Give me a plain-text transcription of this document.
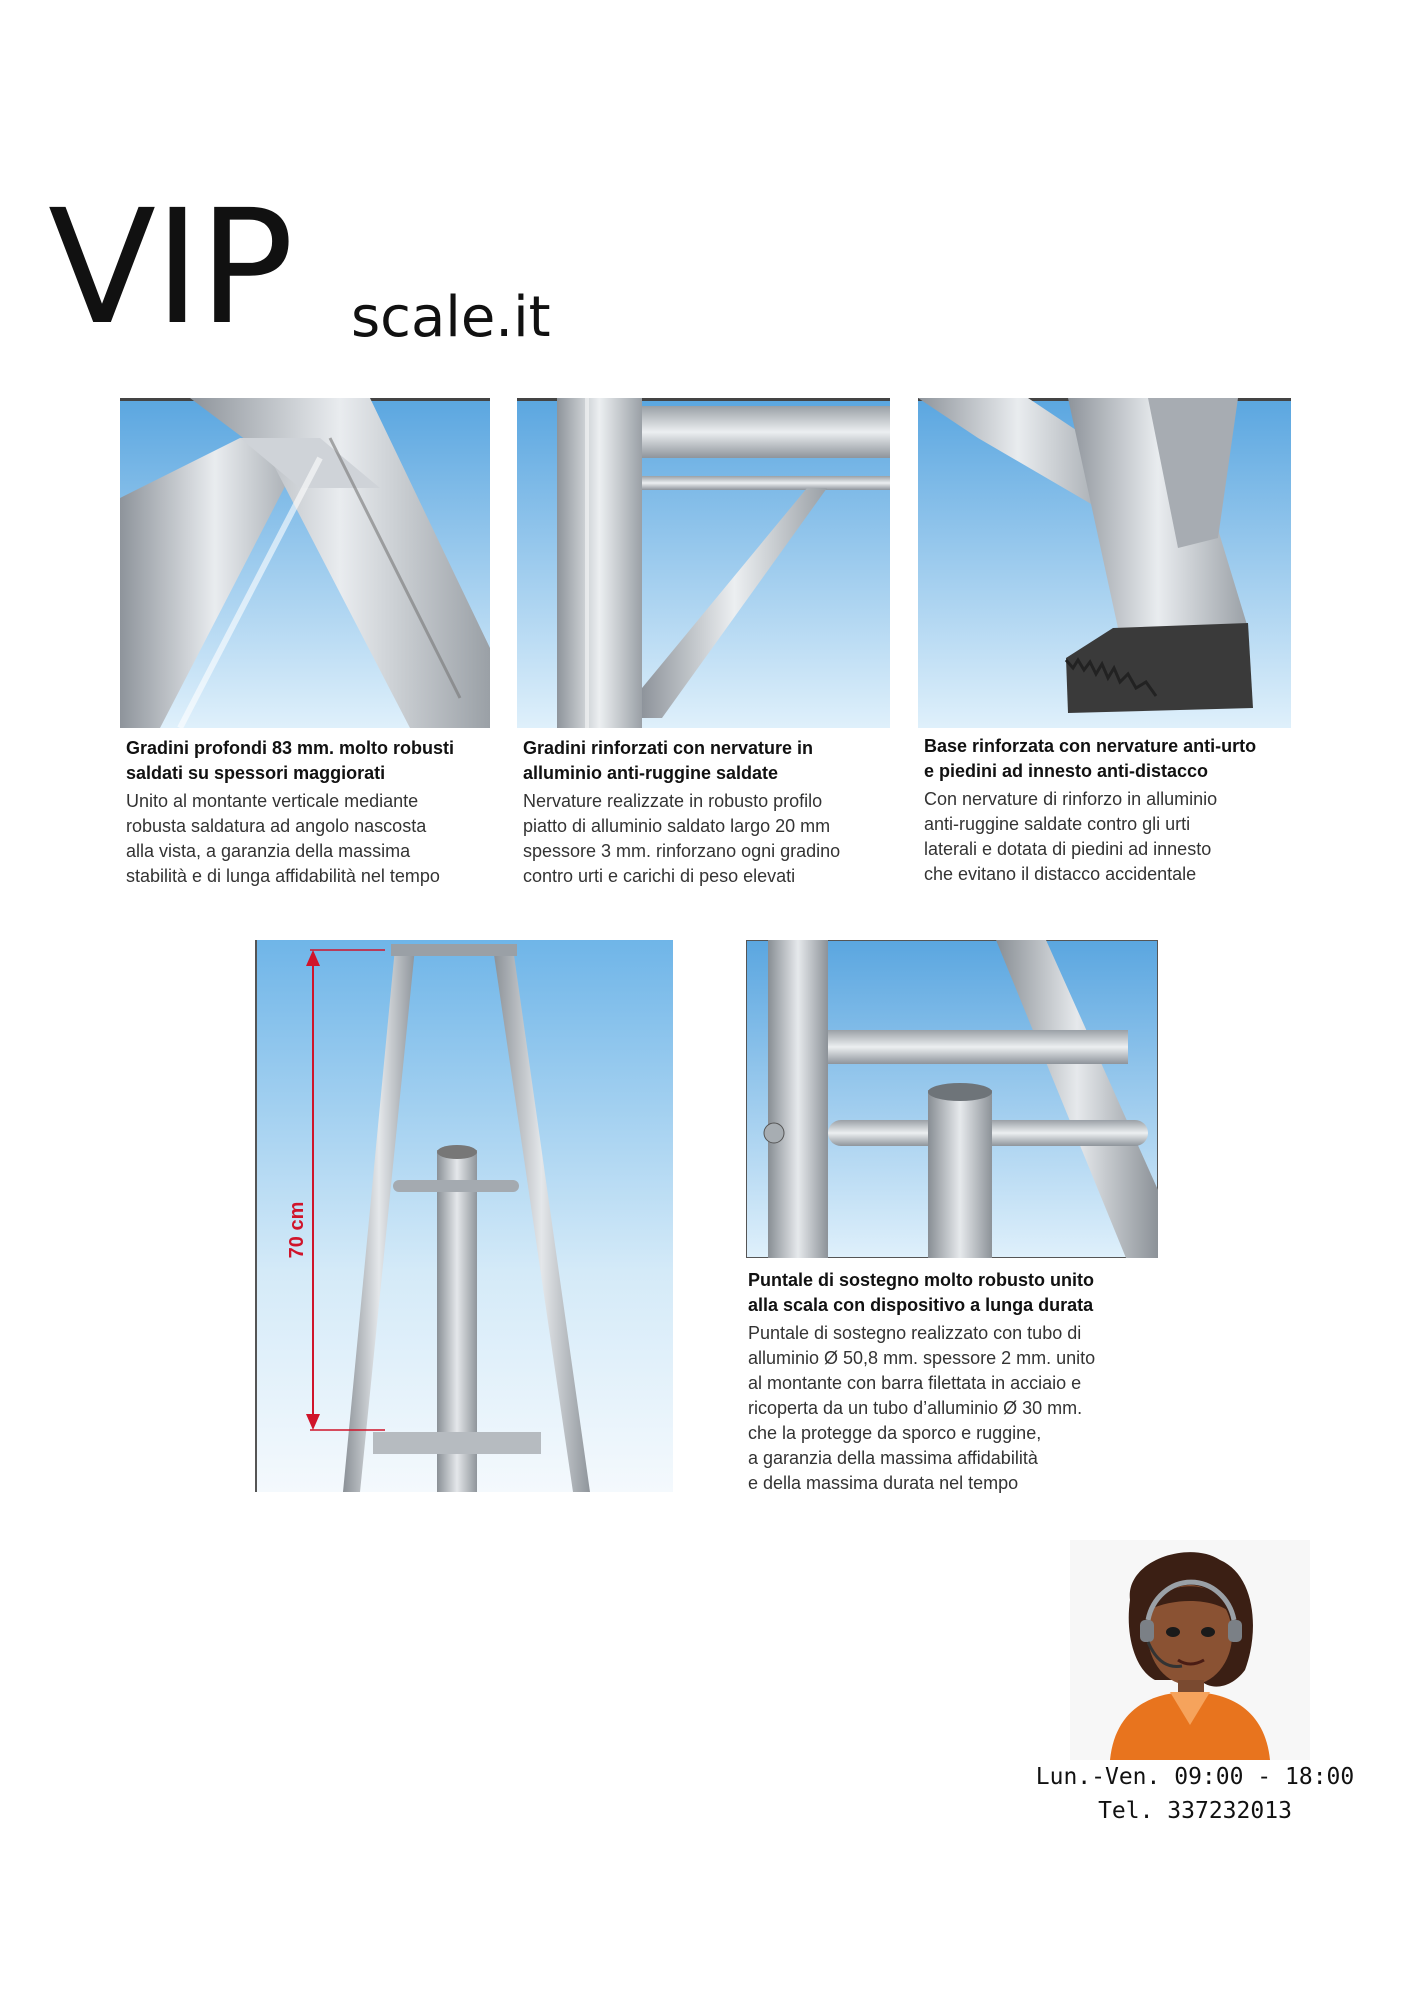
VIP scale.it
Gradini profondi 83 mm. molto robusti
saldati su spessori maggiorati
Unito al montante verticale mediante
robusta saldatura ad angolo nascosta
alla vista, a garanzia della massima
stabilità e di lunga affidabilità nel tempo
Gradini rinforzati con nervature in
alluminio anti-ruggine saldate
Nervature realizzate in robusto profilo
piatto di alluminio saldato largo 20 mm
spessore 3 mm. rinforzano ogni gradino
contro urti e carichi di peso elevati
Base rinforzata con nervature anti-urto
e piedini ad innesto anti-distacco
Con nervature di rinforzo in alluminio
anti-ruggine saldate contro gli urti
laterali e dotata di piedini ad innesto
che evitano il distacco accidentale
70 cm
Puntale di sostegno molto robusto unito
alla scala con dispositivo a lunga durata
Puntale di sostegno realizzato con tubo di
alluminio Ø 50,8 mm. spessore 2 mm. unito
al montante con barra filettata in acciaio e
ricoperta da un tubo d’alluminio Ø 30 mm.
che la protegge da sporco e ruggine,
a garanzia della massima affidabilità
e della massima durata nel tempo
Lun.-Ven. 09:00 - 18:00
Tel. 337232013
